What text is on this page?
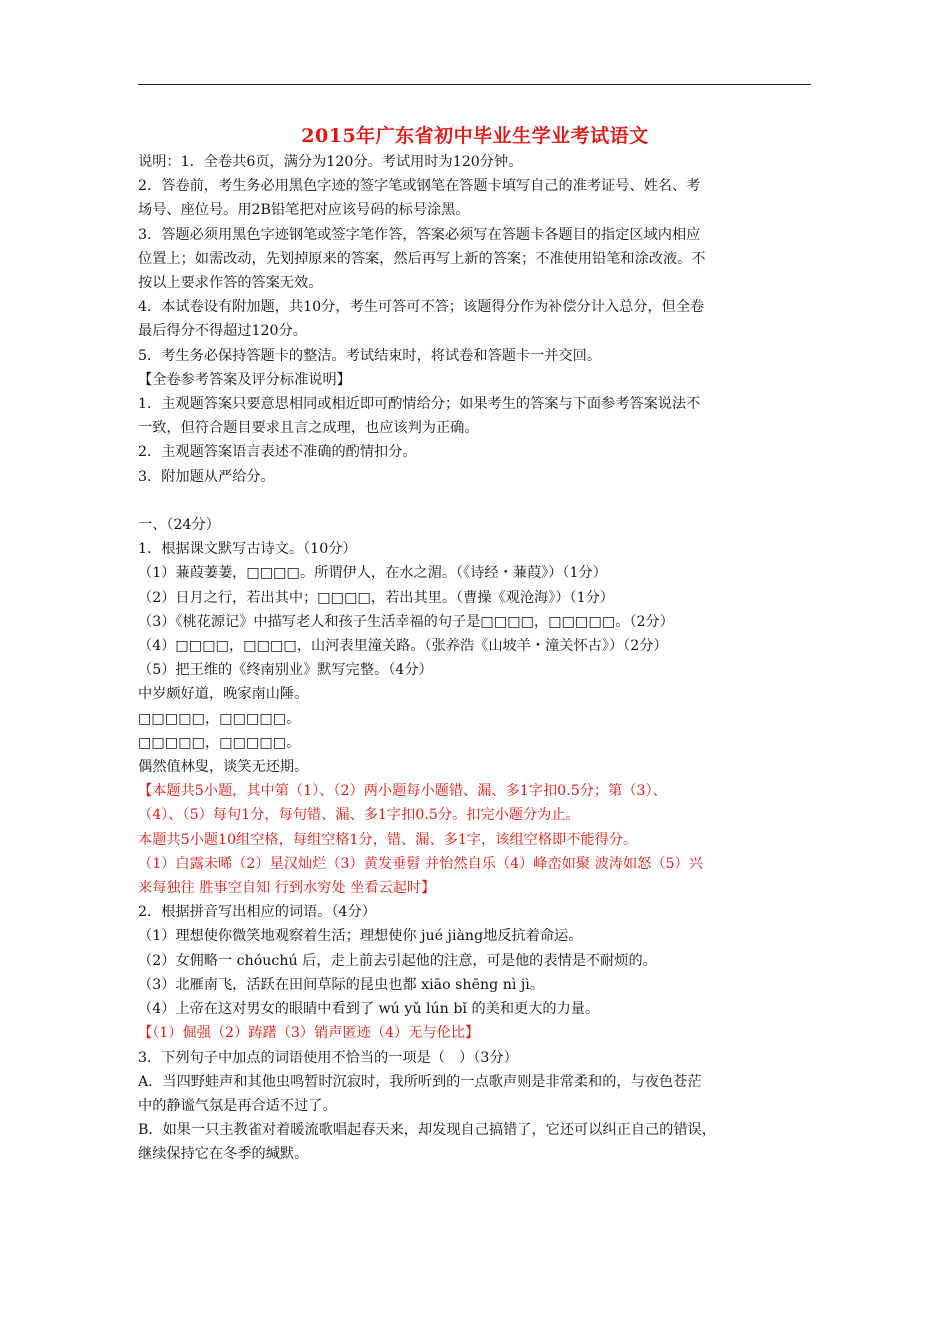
2015年广东省初中毕业生学业考试语文
说明：1．全卷共6页，满分为120分。考试用时为120分钟。
2．答卷前，考生务必用黑色字迹的签字笔或钢笔在答题卡填写自己的准考证号、姓名、考
场号、座位号。用2B铅笔把对应该号码的标号涂黑。
3．答题必须用黑色字迹钢笔或签字笔作答，答案必须写在答题卡各题目的指定区域内相应
位置上；如需改动，先划掉原来的答案，然后再写上新的答案；不准使用铅笔和涂改液。不
按以上要求作答的答案无效。
4．本试卷设有附加题，共10分，考生可答可不答；该题得分作为补偿分计入总分，但全卷
最后得分不得超过120分。
5．考生务必保持答题卡的整洁。考试结束时，将试卷和答题卡一并交回。
【全卷参考答案及评分标准说明】
1．主观题答案只要意思相同或相近即可酌情给分；如果考生的答案与下面参考答案说法不
一致，但符合题目要求且言之成理，也应该判为正确。
2．主观题答案语言表述不准确的酌情扣分。
3．附加题从严给分。
一、（24分）
1．根据课文默写古诗文。（10分）
（1）蒹葭萋萋，□□□□。所谓伊人，在水之湄。（《诗经・蒹葭》）（1分）
（2）日月之行，若出其中；□□□□，若出其里。（曹操《观沧海》）（1分）
（3）《桃花源记》中描写老人和孩子生活幸福的句子是□□□□，□□□□□。（2分）
（4）□□□□，□□□□，山河表里潼关路。（张养浩《山坡羊・潼关怀古》）（2分）
（5）把王维的《终南别业》默写完整。（4分）
中岁颇好道，晚家南山陲。
□□□□□，□□□□□。
□□□□□，□□□□□。
偶然值林叟，谈笑无还期。
【本题共5小题，其中第（1）、（2）两小题每小题错、漏、多1字扣0.5分；第（3）、
（4）、（5）每句1分，每句错、漏、多1字扣0.5分。扣完小题分为止。
本题共5小题10组空格，每组空格1分，错、漏、多1字，该组空格即不能得分。
（1）白露未晞（2）星汉灿烂（3）黄发垂髫 并怡然自乐（4）峰峦如聚 波涛如怒（5）兴
来每独往 胜事空自知 行到水穷处 坐看云起时】
2．根据拼音写出相应的词语。（4分）
（1）理想使你微笑地观察着生活；理想使你 jué jiàng地反抗着命运。
（2）女佣略一 chóuchú 后，走上前去引起他的注意，可是他的表情是不耐烦的。
（3）北雁南飞，活跃在田间草际的昆虫也都 xiāo shēng nì jì。
（4）上帝在这对男女的眼睛中看到了 wú yǔ lún bǐ 的美和更大的力量。
【（1）倔强（2）踌躇（3）销声匿迹（4）无与伦比】
3．下列句子中加点的词语使用不恰当的一项是（　）（3分）
A．当四野蛙声和其他虫鸣暂时沉寂时，我所听到的一点歌声则是非常柔和的，与夜色苍茫
中的静谧气氛是再合适不过了。
B．如果一只主教雀对着暖流歌唱起春天来，却发现自己搞错了，它还可以纠正自己的错误，
继续保持它在冬季的缄默。
